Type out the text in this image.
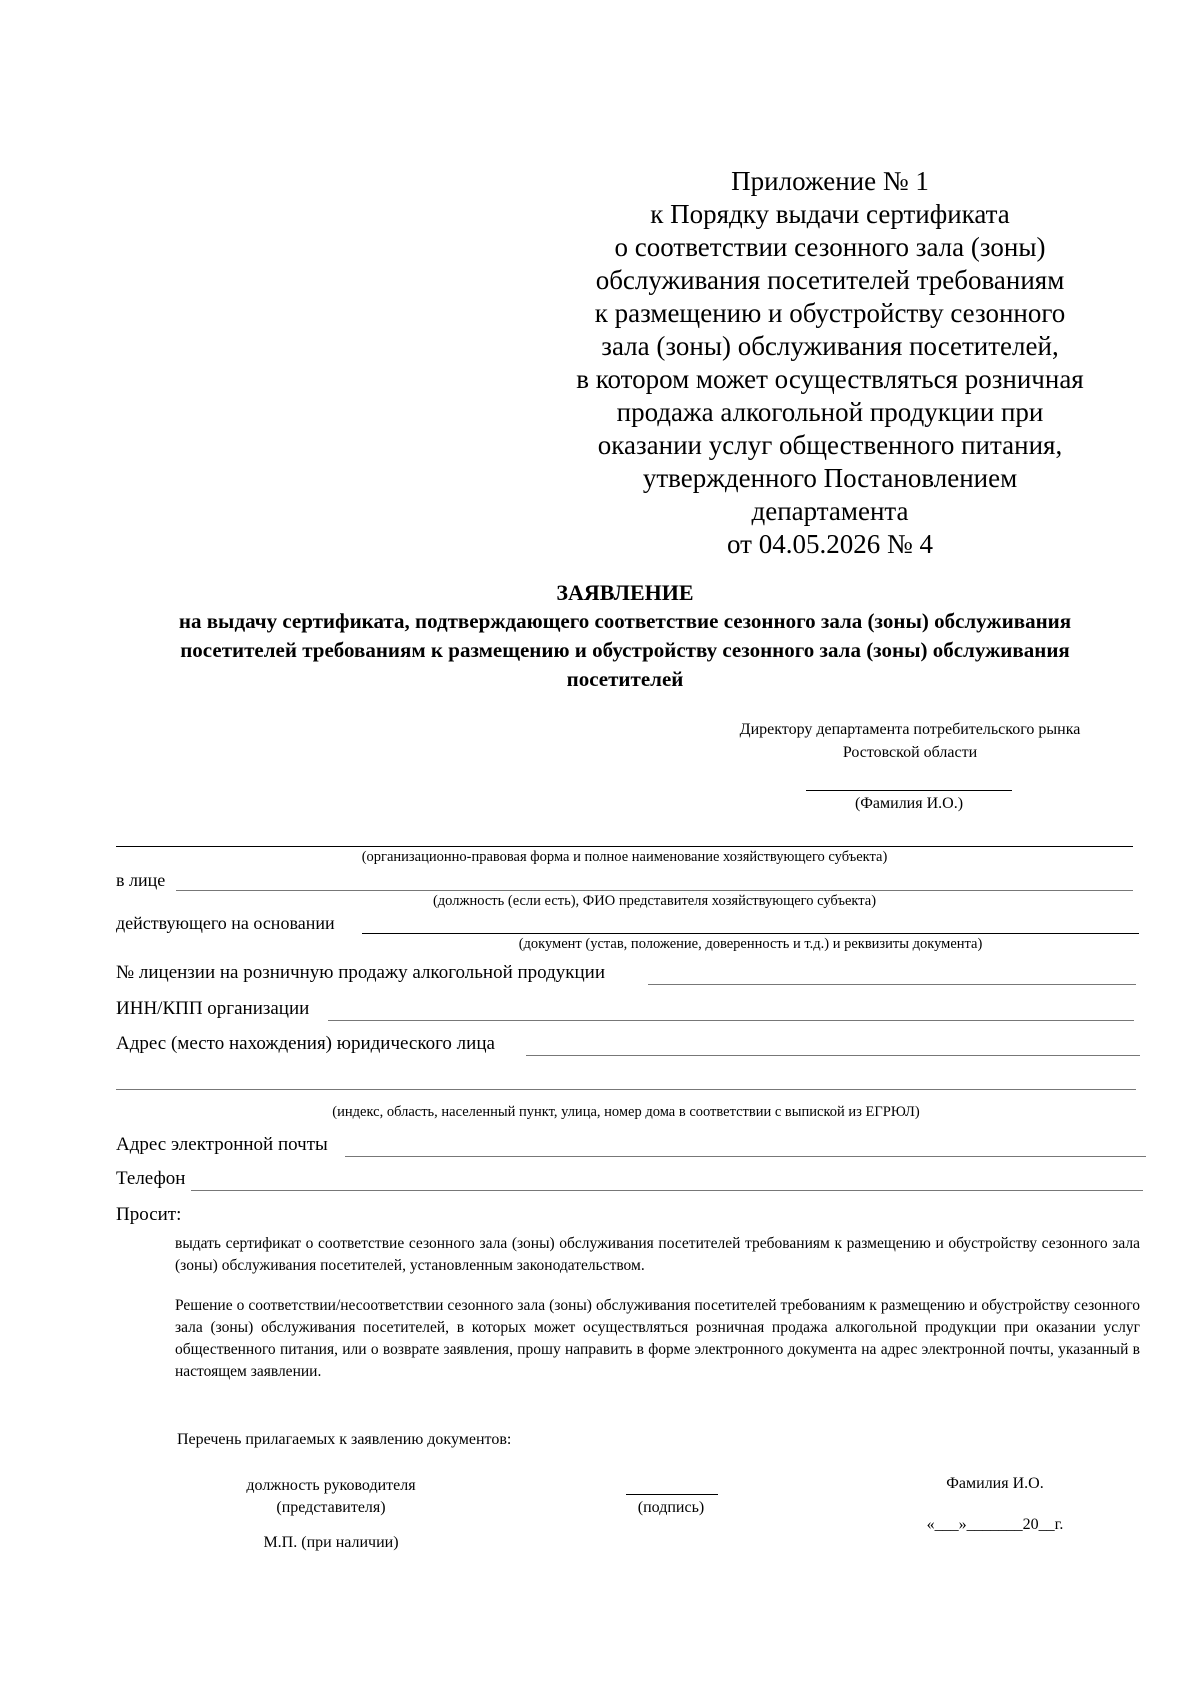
Приложение № 1
к Порядку выдачи сертификата
о соответствии сезонного зала (зоны)
обслуживания посетителей требованиям
к размещению и обустройству сезонного
зала (зоны) обслуживания посетителей,
в котором может осуществляться розничная
продажа алкогольной продукции при
оказании услуг общественного питания,
утвержденного Постановлением
департамента
от 04.05.2026 № 4
ЗАЯВЛЕНИЕ
на выдачу сертификата, подтверждающего соответствие сезонного зала (зоны) обслуживания
посетителей требованиям к размещению и обустройству сезонного зала (зоны) обслуживания
посетителей
Директору департамента потребительского рынка
Ростовской области
(Фамилия И.О.)
(организационно-правовая форма и полное наименование хозяйствующего субъекта)
в лице
(должность (если есть), ФИО представителя хозяйствующего субъекта)
действующего на основании
(документ (устав, положение, доверенность и т.д.) и реквизиты документа)
№ лицензии на розничную продажу алкогольной продукции
ИНН/КПП организации
Адрес (место нахождения) юридического лица
(индекс, область, населенный пункт, улица, номер дома в соответствии с выпиской из ЕГРЮЛ)
Адрес электронной почты
Телефон
Просит:
выдать сертификат о соответствие сезонного зала (зоны) обслуживания посетителей требованиям к размещению и обустройству сезонного зала (зоны) обслуживания посетителей, установленным законодательством.
Решение о соответствии/несоответствии сезонного зала (зоны) обслуживания посетителей требованиям к размещению и обустройству сезонного зала (зоны) обслуживания посетителей, в которых может осуществляться розничная продажа алкогольной продукции при оказании услуг общественного питания, или о возврате заявления, прошу направить в форме электронного документа на адрес электронной почты, указанный в настоящем заявлении.
Перечень прилагаемых к заявлению документов:
должность руководителя
(представителя)
М.П. (при наличии)
(подпись)
Фамилия И.О.
«___»_______20__г.
